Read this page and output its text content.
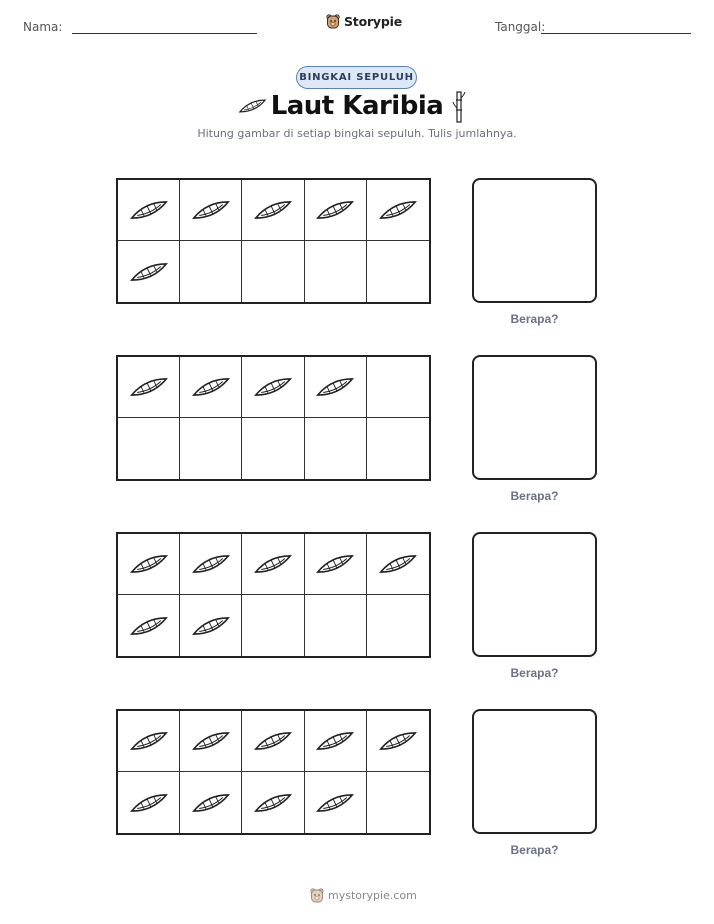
Nama:	Storypie	Tanggal:
BINGKAI SEPULUH
Laut Karibia
Hitung gambar di setiap bingkai sepuluh. Tulis jumlahnya.
Berapa?
Berapa?
Berapa?
Berapa?
mystorypie.com
